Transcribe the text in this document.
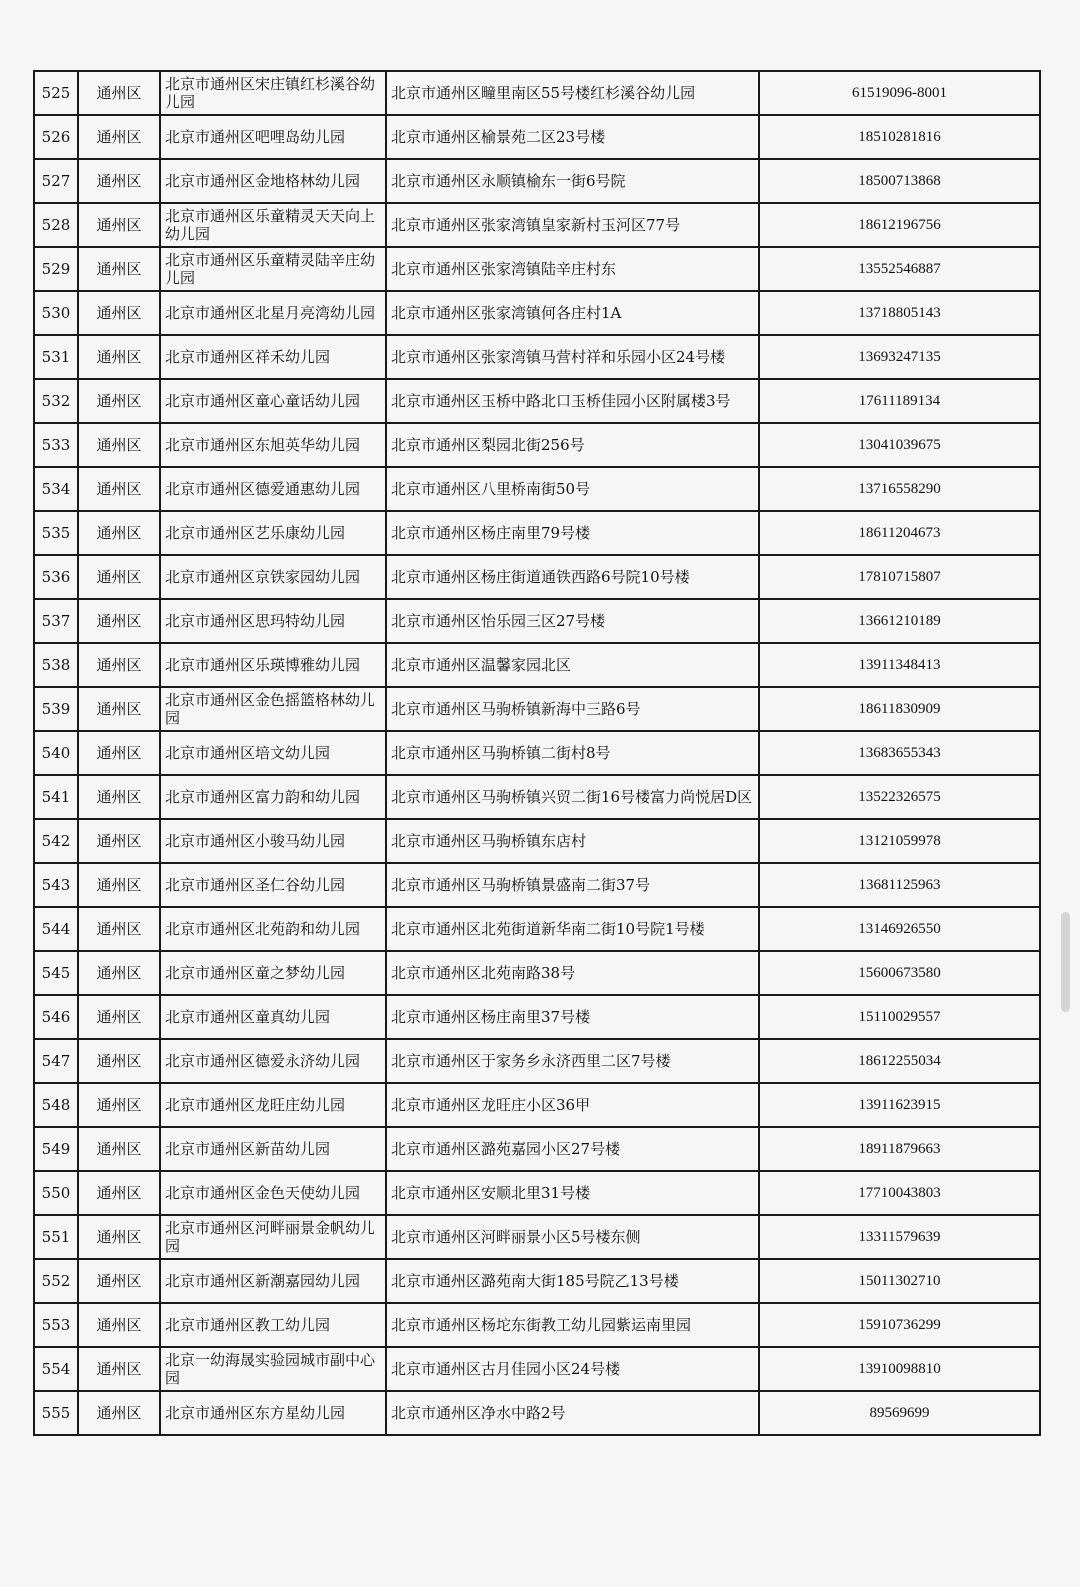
525	通州区	北京市通州区宋庄镇红杉溪谷幼儿园	北京市通州区疃里南区55号楼红杉溪谷幼儿园	61519096-8001
526	通州区	北京市通州区吧哩岛幼儿园	北京市通州区榆景苑二区23号楼	18510281816
527	通州区	北京市通州区金地格林幼儿园	北京市通州区永顺镇榆东一街6号院	18500713868
528	通州区	北京市通州区乐童精灵天天向上幼儿园	北京市通州区张家湾镇皇家新村玉河区77号	18612196756
529	通州区	北京市通州区乐童精灵陆辛庄幼儿园	北京市通州区张家湾镇陆辛庄村东	13552546887
530	通州区	北京市通州区北星月亮湾幼儿园	北京市通州区张家湾镇何各庄村1A	13718805143
531	通州区	北京市通州区祥禾幼儿园	北京市通州区张家湾镇马营村祥和乐园小区24号楼	13693247135
532	通州区	北京市通州区童心童话幼儿园	北京市通州区玉桥中路北口玉桥佳园小区附属楼3号	17611189134
533	通州区	北京市通州区东旭英华幼儿园	北京市通州区梨园北街256号	13041039675
534	通州区	北京市通州区德爱通惠幼儿园	北京市通州区八里桥南街50号	13716558290
535	通州区	北京市通州区艺乐康幼儿园	北京市通州区杨庄南里79号楼	18611204673
536	通州区	北京市通州区京铁家园幼儿园	北京市通州区杨庄街道通铁西路6号院10号楼	17810715807
537	通州区	北京市通州区思玛特幼儿园	北京市通州区怡乐园三区27号楼	13661210189
538	通州区	北京市通州区乐瑛博雅幼儿园	北京市通州区温馨家园北区	13911348413
539	通州区	北京市通州区金色摇篮格林幼儿园	北京市通州区马驹桥镇新海中三路6号	18611830909
540	通州区	北京市通州区培文幼儿园	北京市通州区马驹桥镇二街村8号	13683655343
541	通州区	北京市通州区富力韵和幼儿园	北京市通州区马驹桥镇兴贸二街16号楼富力尚悦居D区	13522326575
542	通州区	北京市通州区小骏马幼儿园	北京市通州区马驹桥镇东店村	13121059978
543	通州区	北京市通州区圣仁谷幼儿园	北京市通州区马驹桥镇景盛南二街37号	13681125963
544	通州区	北京市通州区北苑韵和幼儿园	北京市通州区北苑街道新华南二街10号院1号楼	13146926550
545	通州区	北京市通州区童之梦幼儿园	北京市通州区北苑南路38号	15600673580
546	通州区	北京市通州区童真幼儿园	北京市通州区杨庄南里37号楼	15110029557
547	通州区	北京市通州区德爱永济幼儿园	北京市通州区于家务乡永济西里二区7号楼	18612255034
548	通州区	北京市通州区龙旺庄幼儿园	北京市通州区龙旺庄小区36甲	13911623915
549	通州区	北京市通州区新苗幼儿园	北京市通州区潞苑嘉园小区27号楼	18911879663
550	通州区	北京市通州区金色天使幼儿园	北京市通州区安顺北里31号楼	17710043803
551	通州区	北京市通州区河畔丽景金帆幼儿园	北京市通州区河畔丽景小区5号楼东侧	13311579639
552	通州区	北京市通州区新潮嘉园幼儿园	北京市通州区潞苑南大街185号院乙13号楼	15011302710
553	通州区	北京市通州区教工幼儿园	北京市通州区杨坨东街教工幼儿园紫运南里园	15910736299
554	通州区	北京一幼海晟实验园城市副中心园	北京市通州区古月佳园小区24号楼	13910098810
555	通州区	北京市通州区东方星幼儿园	北京市通州区净水中路2号	89569699
